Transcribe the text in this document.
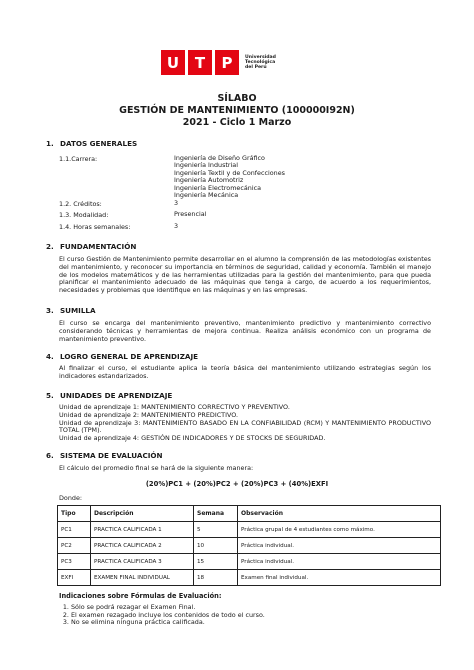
U	T	P	Universidad
Tecnológica
del Perú
SÍLABO
GESTIÓN DE MANTENIMIENTO (100000I92N)
2021 - Ciclo 1 Marzo
1. DATOS GENERALES
1.1.Carrera:	Ingeniería de Diseño Gráfico
Ingeniería Industrial
Ingeniería Textil y de Confecciones
Ingeniería Automotriz
Ingeniería Electromecánica
Ingeniería Mecánica
1.2. Créditos:	3
1.3. Modalidad:	Presencial
1.4. Horas semanales:	3
2. FUNDAMENTACIÓN
El curso Gestión de Mantenimiento permite desarrollar en el alumno la comprensión de las metodologías existentes del mantenimiento, y reconocer su importancia en términos de seguridad, calidad y economía. También el manejo de los modelos matemáticos y de las herramientas utilizadas para la gestión del mantenimiento, para que pueda planificar el mantenimiento adecuado de las máquinas que tenga a cargo, de acuerdo a los requerimientos, necesidades y problemas que identifique en las máquinas y en las empresas.
3. SUMILLA
El curso se encarga del mantenimiento preventivo, mantenimiento predictivo y mantenimiento correctivo considerando técnicas y herramientas de mejora continua. Realiza análisis económico con un programa de mantenimiento preventivo.
4. LOGRO GENERAL DE APRENDIZAJE
Al finalizar el curso, el estudiante aplica la teoría básica del mantenimiento utilizando estrategias según los indicadores estandarizados.
5. UNIDADES DE APRENDIZAJE
Unidad de aprendizaje 1: MANTENIMIENTO CORRECTIVO Y PREVENTIVO.
Unidad de aprendizaje 2: MANTENIMIENTO PREDICTIVO.
Unidad de aprendizaje 3: MANTENIMIENTO BASADO EN LA CONFIABILIDAD (RCM) Y MANTENIMIENTO PRODUCTIVO TOTAL (TPM).
Unidad de aprendizaje 4: GESTIÓN DE INDICADORES Y DE STOCKS DE SEGURIDAD.
6. SISTEMA DE EVALUACIÓN
El cálculo del promedio final se hará de la siguiente manera:
(20%)PC1 + (20%)PC2 + (20%)PC3 + (40%)EXFI
Donde:
Tipo	Descripción	Semana	Observación
PC1	PRACTICA CALIFICADA 1	5	Práctica grupal de 4 estudiantes como máximo.
PC2	PRACTICA CALIFICADA 2	10	Práctica individual.
PC3	PRACTICA CALIFICADA 3	15	Práctica individual.
EXFI	EXAMEN FINAL INDIVIDUAL	18	Examen final individual.
Indicaciones sobre Fórmulas de Evaluación:
1. Sólo se podrá rezagar el Examen Final.
2. El examen rezagado incluye los contenidos de todo el curso.
3. No se elimina ninguna práctica calificada.
